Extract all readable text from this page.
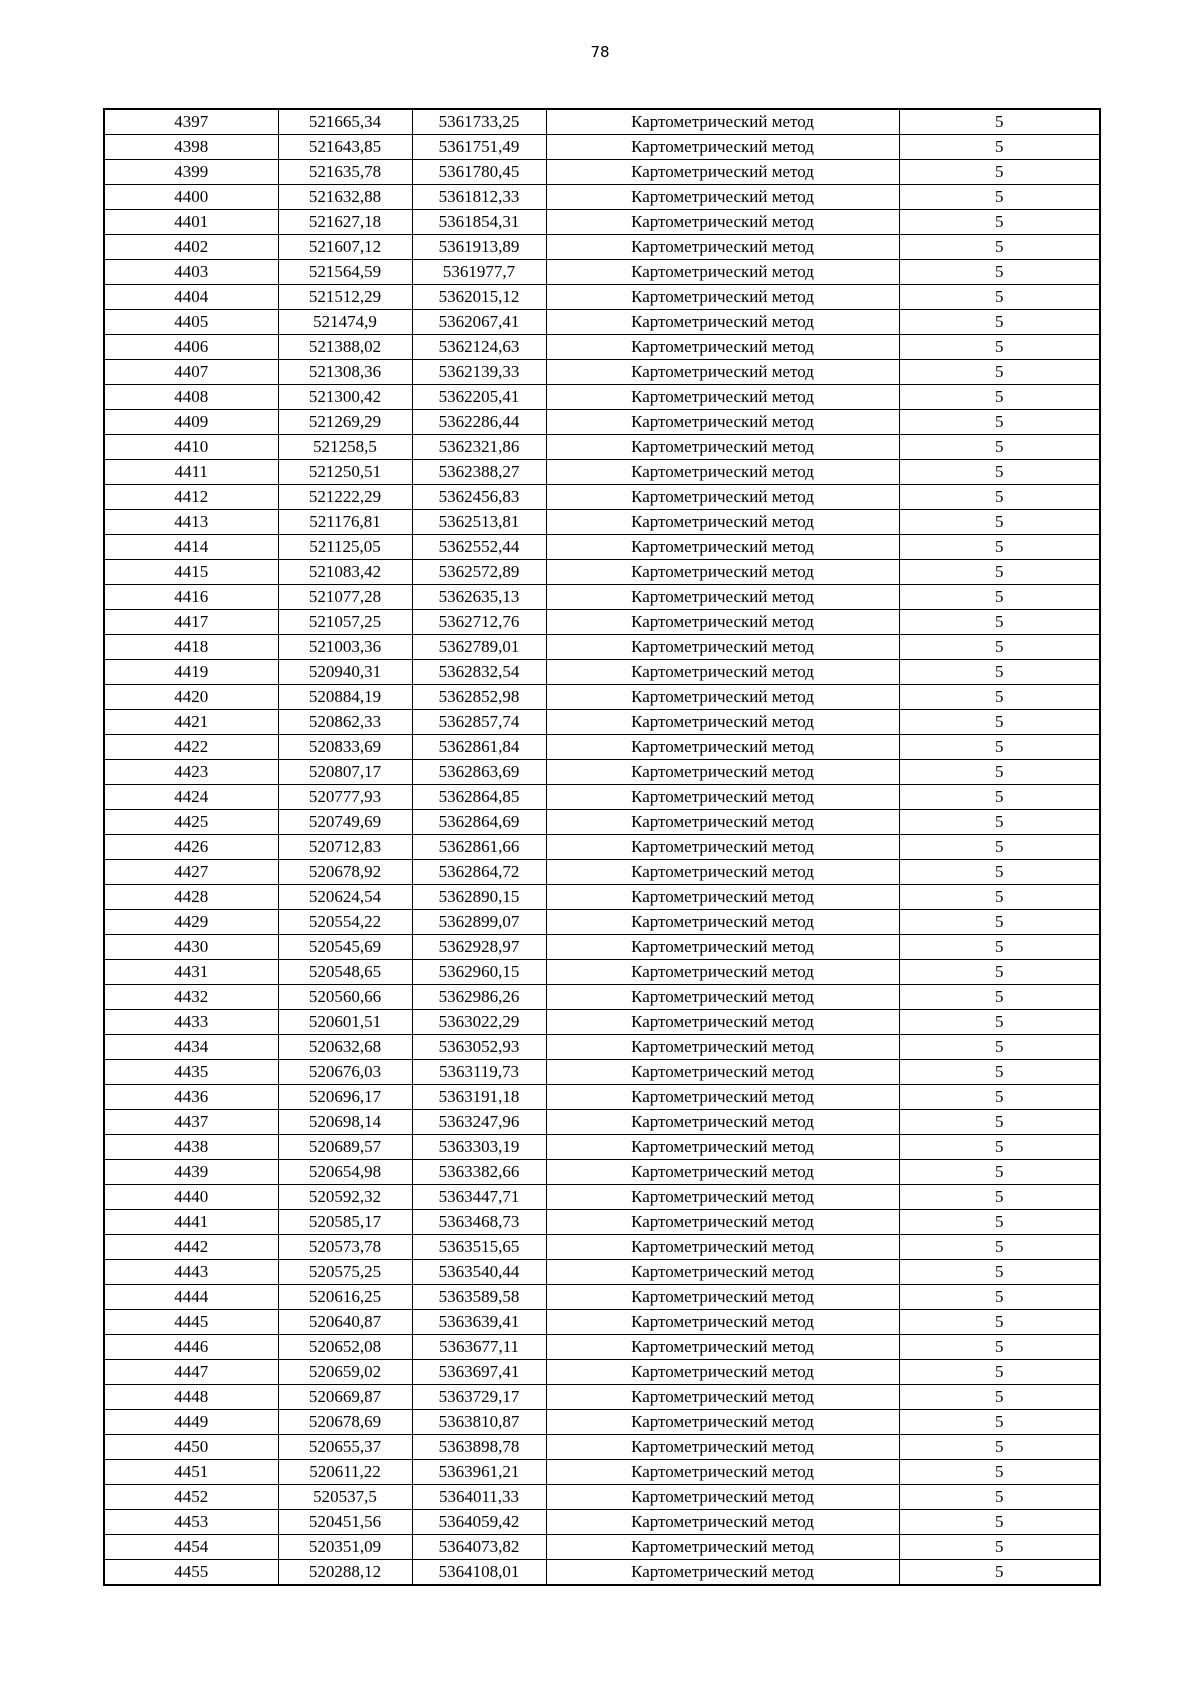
78
4397	521665,34	5361733,25	Картометрический метод	5
4398	521643,85	5361751,49	Картометрический метод	5
4399	521635,78	5361780,45	Картометрический метод	5
4400	521632,88	5361812,33	Картометрический метод	5
4401	521627,18	5361854,31	Картометрический метод	5
4402	521607,12	5361913,89	Картометрический метод	5
4403	521564,59	5361977,7	Картометрический метод	5
4404	521512,29	5362015,12	Картометрический метод	5
4405	521474,9	5362067,41	Картометрический метод	5
4406	521388,02	5362124,63	Картометрический метод	5
4407	521308,36	5362139,33	Картометрический метод	5
4408	521300,42	5362205,41	Картометрический метод	5
4409	521269,29	5362286,44	Картометрический метод	5
4410	521258,5	5362321,86	Картометрический метод	5
4411	521250,51	5362388,27	Картометрический метод	5
4412	521222,29	5362456,83	Картометрический метод	5
4413	521176,81	5362513,81	Картометрический метод	5
4414	521125,05	5362552,44	Картометрический метод	5
4415	521083,42	5362572,89	Картометрический метод	5
4416	521077,28	5362635,13	Картометрический метод	5
4417	521057,25	5362712,76	Картометрический метод	5
4418	521003,36	5362789,01	Картометрический метод	5
4419	520940,31	5362832,54	Картометрический метод	5
4420	520884,19	5362852,98	Картометрический метод	5
4421	520862,33	5362857,74	Картометрический метод	5
4422	520833,69	5362861,84	Картометрический метод	5
4423	520807,17	5362863,69	Картометрический метод	5
4424	520777,93	5362864,85	Картометрический метод	5
4425	520749,69	5362864,69	Картометрический метод	5
4426	520712,83	5362861,66	Картометрический метод	5
4427	520678,92	5362864,72	Картометрический метод	5
4428	520624,54	5362890,15	Картометрический метод	5
4429	520554,22	5362899,07	Картометрический метод	5
4430	520545,69	5362928,97	Картометрический метод	5
4431	520548,65	5362960,15	Картометрический метод	5
4432	520560,66	5362986,26	Картометрический метод	5
4433	520601,51	5363022,29	Картометрический метод	5
4434	520632,68	5363052,93	Картометрический метод	5
4435	520676,03	5363119,73	Картометрический метод	5
4436	520696,17	5363191,18	Картометрический метод	5
4437	520698,14	5363247,96	Картометрический метод	5
4438	520689,57	5363303,19	Картометрический метод	5
4439	520654,98	5363382,66	Картометрический метод	5
4440	520592,32	5363447,71	Картометрический метод	5
4441	520585,17	5363468,73	Картометрический метод	5
4442	520573,78	5363515,65	Картометрический метод	5
4443	520575,25	5363540,44	Картометрический метод	5
4444	520616,25	5363589,58	Картометрический метод	5
4445	520640,87	5363639,41	Картометрический метод	5
4446	520652,08	5363677,11	Картометрический метод	5
4447	520659,02	5363697,41	Картометрический метод	5
4448	520669,87	5363729,17	Картометрический метод	5
4449	520678,69	5363810,87	Картометрический метод	5
4450	520655,37	5363898,78	Картометрический метод	5
4451	520611,22	5363961,21	Картометрический метод	5
4452	520537,5	5364011,33	Картометрический метод	5
4453	520451,56	5364059,42	Картометрический метод	5
4454	520351,09	5364073,82	Картометрический метод	5
4455	520288,12	5364108,01	Картометрический метод	5
